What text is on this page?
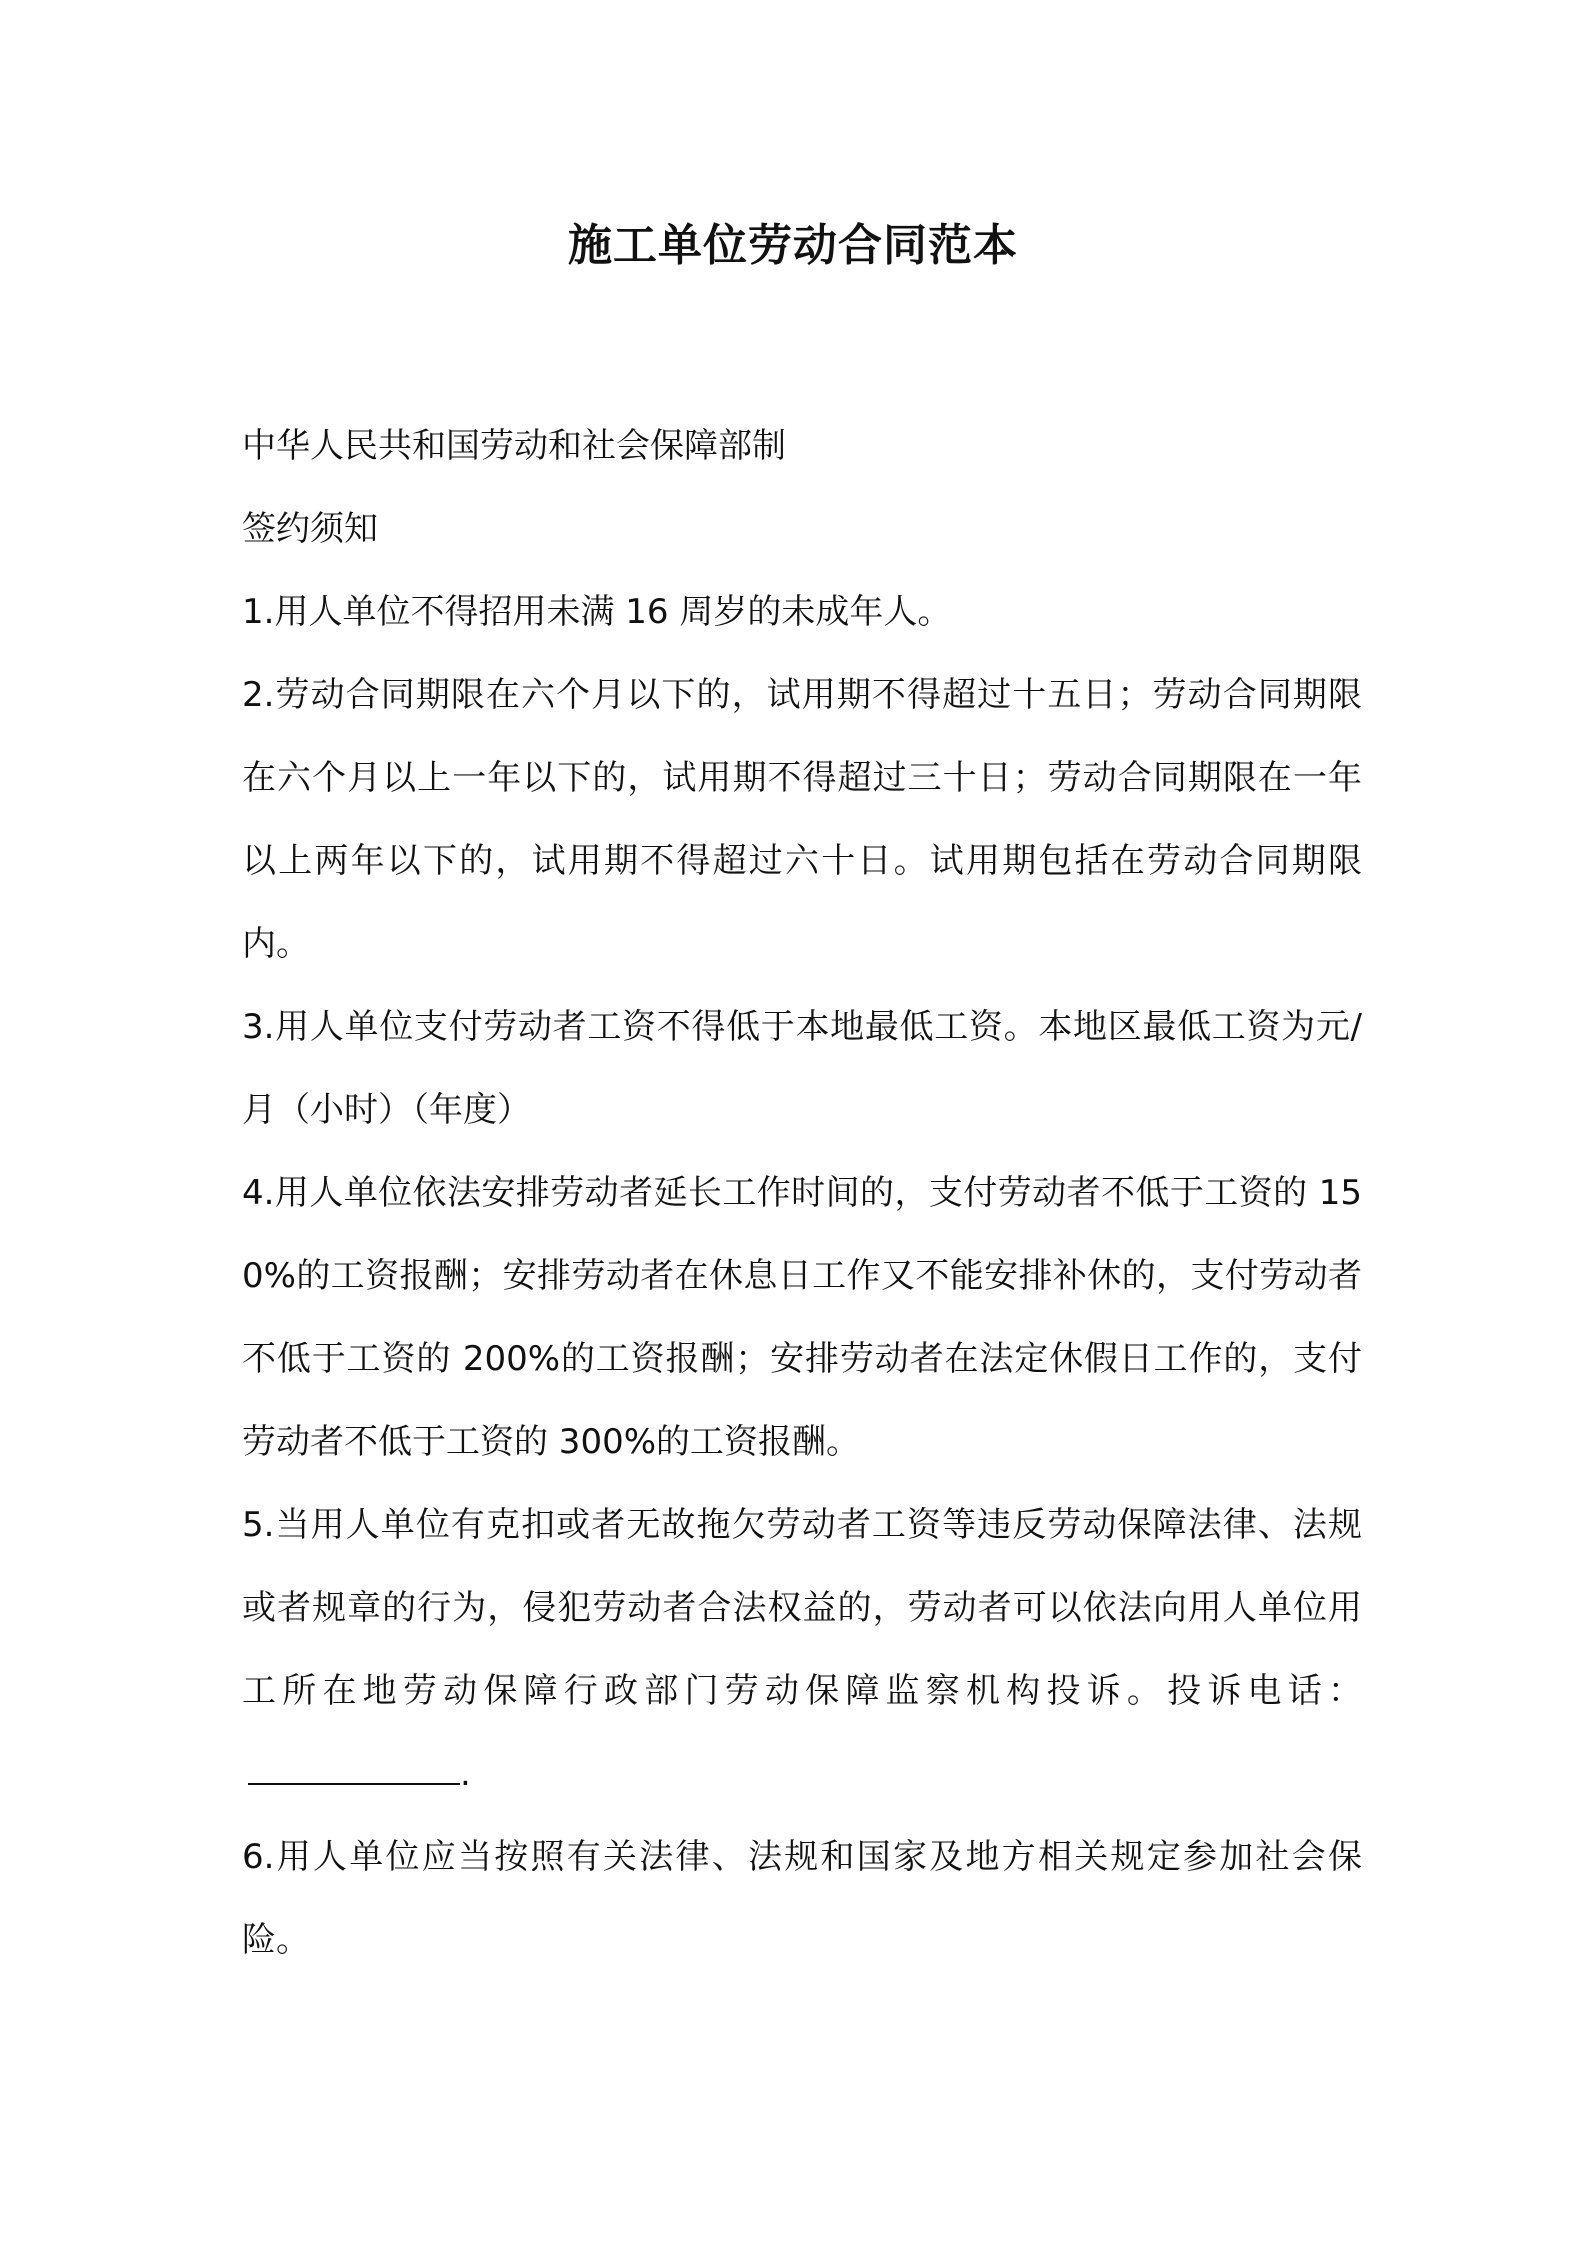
施工单位劳动合同范本

中华人民共和国劳动和社会保障部制

签约须知

1.用人单位不得招用未满 16 周岁的未成年人。

2.劳动合同期限在六个月以下的，试用期不得超过十五日；劳动合同期限在六个月以上一年以下的，试用期不得超过三十日；劳动合同期限在一年以上两年以下的，试用期不得超过六十日。试用期包括在劳动合同期限内。

3.用人单位支付劳动者工资不得低于本地最低工资。本地区最低工资为元/月（小时）（年度）

4.用人单位依法安排劳动者延长工作时间的，支付劳动者不低于工资的 150%的工资报酬；安排劳动者在休息日工作又不能安排补休的，支付劳动者不低于工资的 200%的工资报酬；安排劳动者在法定休假日工作的，支付劳动者不低于工资的 300%的工资报酬。

5.当用人单位有克扣或者无故拖欠劳动者工资等违反劳动保障法律、法规或者规章的行为，侵犯劳动者合法权益的，劳动者可以依法向用人单位用工所在地劳动保障行政部门劳动保障监察机构投诉。投诉电话：.

6.用人单位应当按照有关法律、法规和国家及地方相关规定参加社会保险。
